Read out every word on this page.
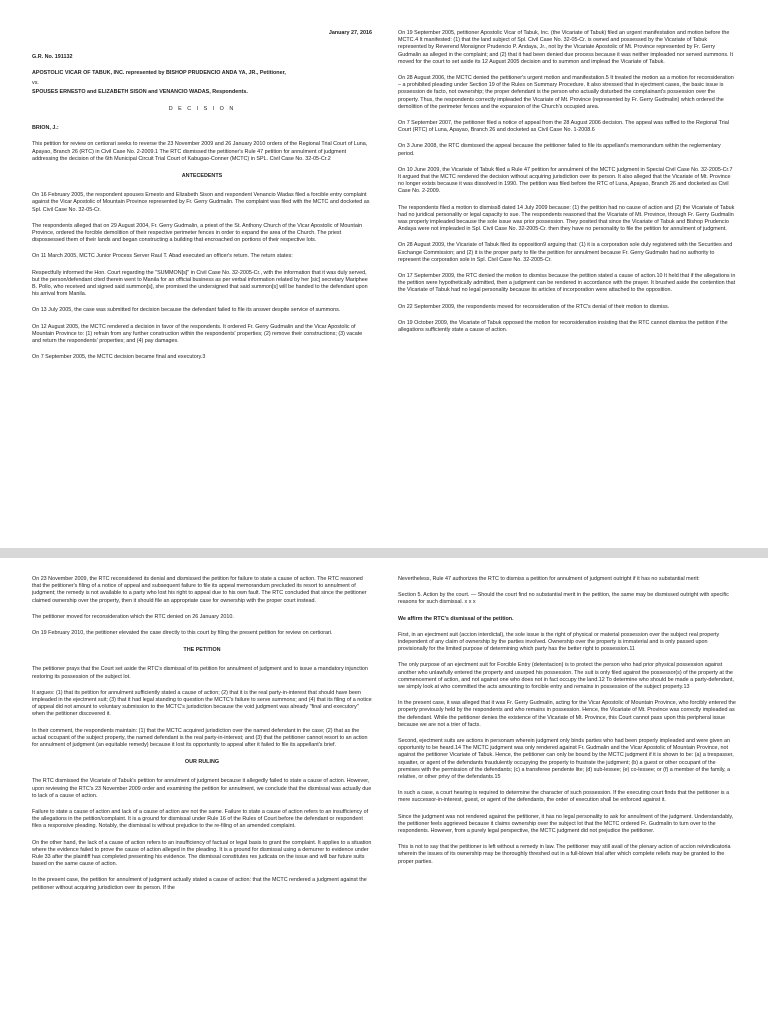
January 27, 2016

G.R. No. 191132

APOSTOLIC VICAR OF TABUK, INC. represented by BISHOP PRUDENCIO ANDA YA, JR., Petitioner,

vs.

SPOUSES ERNESTO and ELIZABETH SISON and VENANCIO WADAS, Respondents.

D E C I S I O N

BRION, J.:

This petition for review on certiorari seeks to reverse the 23 November 2009 and 26 January 2010 orders of the Regional Trial Court of Luna, Apayao, Branch 26 (RTC) in Civil Case No. 2-2009.1 The RTC dismissed the petitioner's Rule 47 petition for annulment of judgment addressing the decision of the 6th Municipal Circuit Trial Court of Kabugao-Conner (MCTC) in SPL. Civil Case No. 32-05-Cr.2

ANTECEDENTS

On 16 February 2005, the respondent spouses Ernesto and Elizabeth Sison and respondent Venancio Wadas filed a forcible entry complaint against the Vicar Apostolic of Mountain Province represented by Fr. Gerry Gudmalin. The complaint was filed with the MCTC and docketed as Spl. Civil Case No. 32-05-Cr.

The respondents alleged that on 29 August 2004, Fr. Gerry Gudmalin, a priest of the St. Anthony Church of the Vicar Apostolic of Mountain Province, ordered the forcible demolition of their respective perimeter fences in order to expand the area of the Church. The priest dispossessed them of their lands and began constructing a building that encroached on portions of their respective lots.

On 11 March 2005, MCTC Junior Process Server Raul T. Abad executed an officer's return. The return states:

Respectfully informed the Hon. Court regarding the "SUMMON[s]" in Civil Case No. 32-2005-Cr., with the information that it was duly served, but the person/defendant cited therein went to Manila for an official business as per verbal information related by her [sic] secretary Mariphee B. Pollo, who received and signed said summon[s], she promised the undersigned that said summon[s] will be handed to the defendant upon his arrival from Manila.

On 13 July 2005, the case was submitted for decision because the defendant failed to file its answer despite service of summons.

On 12 August 2005, the MCTC rendered a decision in favor of the respondents. It ordered Fr. Gerry Gudmalin and the Vicar Apostolic of Mountain Province to: (1) refrain from any further construction within the respondents' properties; (2) remove their constructions; (3) vacate and return the respondents' properties; and (4) pay damages.

On 7 September 2005, the MCTC decision became final and executory.3

On 19 September 2005, petitioner Apostolic Vicar of Tabuk, Inc. (the Vicariate of Tabuk) filed an urgent manifestation and motion before the MCTC.4 It manifested: (1) that the land subject of Spl. Civil Case No. 32-05-Cr. is owned and possessed by the Vicariate of Tabuk represented by Reverend Monsignor Prudencio P. Andaya, Jr., not by the Vicariate Apostolic of Mt. Province represented by Fr. Gerry Gudmalin as alleged in the complaint; and (2) that it had been denied due process because it was neither impleaded nor served summons. It moved for the court to set aside its 12 August 2005 decision and to summon and implead the Vicariate of Tabuk.

On 28 August 2006, the MCTC denied the petitioner's urgent motion and manifestation.5 It treated the motion as a motion for reconsideration – a prohibited pleading under Section 19 of the Rules on Summary Procedure. It also stressed that in ejectment cases, the basic issue is possession de facto, not ownership; the proper defendant is the person who actually disturbed the complainant's possession over the property. Thus, the respondents correctly impleaded the Vicariate of Mt. Province (represented by Fr. Gerry Gudmalin) which ordered the demolition of the perimeter fences and the expansion of the Church's occupied area.

On 7 September 2007, the petitioner filed a notice of appeal from the 28 August 2006 decision. The appeal was raffled to the Regional Trial Court (RTC) of Luna, Apayao, Branch 26 and docketed as Civil Case No. 1-2008.6

On 3 June 2008, the RTC dismissed the appeal because the petitioner failed to file its appellant's memorandum within the reglementary period.

On 10 June 2009, the Vicariate of Tabuk filed a Rule 47 petition for annulment of the MCTC judgment in Special Civil Case No. 32-2005-Cr.7 It argued that the MCTC rendered the decision without acquiring jurisdiction over its person. It also alleged that the Vicariate of Mt. Province no longer exists because it was dissolved in 1990. The petition was filed before the RTC of Luna, Apayao, Branch 26 and docketed as Civil Case No. 2-2009.

The respondents filed a motion to dismiss8 dated 14 July 2009 because: (1) the petition had no cause of action and (2) the Vicariate of Tabuk had no juridical personality or legal capacity to sue. The respondents reasoned that the Vicariate of Mt. Province, through Fr. Gerry Gudmalin was properly impleaded because the sole issue was prior possession. They posited that since the Vicariate of Tabuk and Bishop Prudencio Andaya were not impleaded in Spl. Civil Case No. 32-2005-Cr. then they have no personality to file the petition for annulment of judgment.

On 28 August 2009, the Vicariate of Tabuk filed its opposition9 arguing that: (1) it is a corporation sole duly registered with the Securities and Exchange Commission; and (2) it is the proper party to file the petition for annulment because Fr. Gerry Gudmalin had no authority to represent the corporation sole in Spl. Civil Case No. 32-2005-Cr.

On 17 September 2009, the RTC denied the motion to dismiss because the petition stated a cause of action.10 It held that if the allegations in the petition were hypothetically admitted, then a judgment can be rendered in accordance with the prayer. It brushed aside the contention that the Vicariate of Tabuk had no legal personality because its articles of incorporation were attached to the opposition.

On 22 September 2009, the respondents moved for reconsideration of the RTC's denial of their motion to dismiss.

On 19 October 2009, the Vicariate of Tabuk opposed the motion for reconsideration insisting that the RTC cannot dismiss the petition if the allegations sufficiently state a cause of action.

On 23 November 2009, the RTC reconsidered its denial and dismissed the petition for failure to state a cause of action. The RTC reasoned that the petitioner's filing of a notice of appeal and subsequent failure to file its appeal memorandum precluded its resort to annulment of judgment; the remedy is not available to a party who lost his right to appeal due to his own fault. The RTC concluded that since the petitioner claimed ownership over the property, then it should file an appropriate case for ownership with the proper court instead.

The petitioner moved for reconsideration which the RTC denied on 26 January 2010.

On 19 February 2010, the petitioner elevated the case directly to this court by filing the present petition for review on certiorari.

THE PETITION

The petitioner prays that the Court set aside the RTC's dismissal of its petition for annulment of judgment and to issue a mandatory injunction restoring its possession of the subject lot.

It argues: (1) that its petition for annulment sufficiently stated a cause of action; (2) that it is the real party-in-interest that should have been impleaded in the ejectment suit; (3) that it had legal standing to question the MCTC's failure to serve summons; and (4) that its filing of a notice of appeal did not amount to voluntary submission to the MCTC's jurisdiction because the void judgment was already "final and executory" when the petitioner discovered it.

In their comment, the respondents maintain: (1) that the MCTC acquired jurisdiction over the named defendant in the case; (2) that as the actual occupant of the subject property, the named defendant is the real party-in-interest; and (3) that the petitioner cannot resort to an action for annulment of judgment (an equitable remedy) because it lost its opportunity to appeal after it failed to file its appellant's brief.

OUR RULING

The RTC dismissed the Vicariate of Tabuk's petition for annulment of judgment because it allegedly failed to state a cause of action. However, upon reviewing the RTC's 23 November 2009 order and examining the petition for annulment, we conclude that the dismissal was actually due to lack of a cause of action.

Failure to state a cause of action and lack of a cause of action are not the same. Failure to state a cause of action refers to an insufficiency of the allegations in the petition/complaint. It is a ground for dismissal under Rule 16 of the Rules of Court before the defendant or respondent files a responsive pleading. Notably, the dismissal is without prejudice to the re-filing of an amended complaint.

On the other hand, the lack of a cause of action refers to an insufficiency of factual or legal basis to grant the complaint. It applies to a situation where the evidence failed to prove the cause of action alleged in the pleading. It is a ground for dismissal using a demurrer to evidence under Rule 33 after the plaintiff has completed presenting his evidence. The dismissal constitutes res judicata on the issue and will bar future suits based on the same cause of action.

In the present case, the petition for annulment of judgment actually stated a cause of action: that the MCTC rendered a judgment against the petitioner without acquiring jurisdiction over its person. If the

Nevertheless, Rule 47 authorizes the RTC to dismiss a petition for annulment of judgment outright if it has no substantial merit:

Section 5. Action by the court. — Should the court find no substantial merit in the petition, the same may be dismissed outright with specific reasons for such dismissal. x x x

We affirm the RTC's dismissal of the petition.

First, in an ejectment suit (accion interdictal), the sole issue is the right of physical or material possession over the subject real property independent of any claim of ownership by the parties involved. Ownership over the property is immaterial and is only passed upon provisionally for the limited purpose of determining which party has the better right to possession.11

The only purpose of an ejectment suit for Forcible Entry (detentacion) is to protect the person who had prior physical possession against another who unlawfully entered the property and usurped his possession. The suit is only filed against the possessor(s) of the property at the commencement of action, and not against one who does not in fact occupy the land.12 To determine who should be made a party-defendant, we simply look at who committed the acts amounting to forcible entry and remains in possession of the subject property.13

In the present case, it was alleged that it was Fr. Gerry Gudmalin, acting for the Vicar Apostolic of Mountain Province, who forcibly entered the property previously held by the respondents and who remains in possession. Hence, the Vicariate of Mt. Province was correctly impleaded as the defendant. While the petitioner denies the existence of the Vicariate of Mt. Province, this Court cannot pass upon this peripheral issue because we are not a trier of facts.

Second, ejectment suits are actions in personam wherein judgment only binds parties who had been properly impleaded and were given an opportunity to be heard.14 The MCTC judgment was only rendered against Fr. Gudmalin and the Vicar Apostolic of Mountain Province, not against the petitioner Vicariate of Tabuk. Hence, the petitioner can only be bound by the MCTC judgment if it is shown to be: (a) a trespasser, squatter, or agent of the defendants fraudulently occupying the property to frustrate the judgment; (b) a guest or other occupant of the premises with the permission of the defendants; (c) a transferee pendente lite; (d) sub-lessee; (e) co-lessee; or (f) a member of the family, a relative, or other privy of the defendants.15

In such a case, a court hearing is required to determine the character of such possession. If the executing court finds that the petitioner is a mere successor-in-interest, guest, or agent of the defendants, the order of execution shall be enforced against it.

Since the judgment was not rendered against the petitioner, it has no legal personality to ask for annulment of the judgment. Understandably, the petitioner feels aggrieved because it claims ownership over the subject lot that the MCTC ordered Fr. Gudmalin to turn over to the respondents. However, from a purely legal perspective, the MCTC judgment did not prejudice the petitioner.

This is not to say that the petitioner is left without a remedy in law. The petitioner may still avail of the plenary action of accion reivindicatoria wherein the issues of its ownership may be thoroughly threshed out in a full-blown trial after which complete reliefs may be granted to the proper parties.
